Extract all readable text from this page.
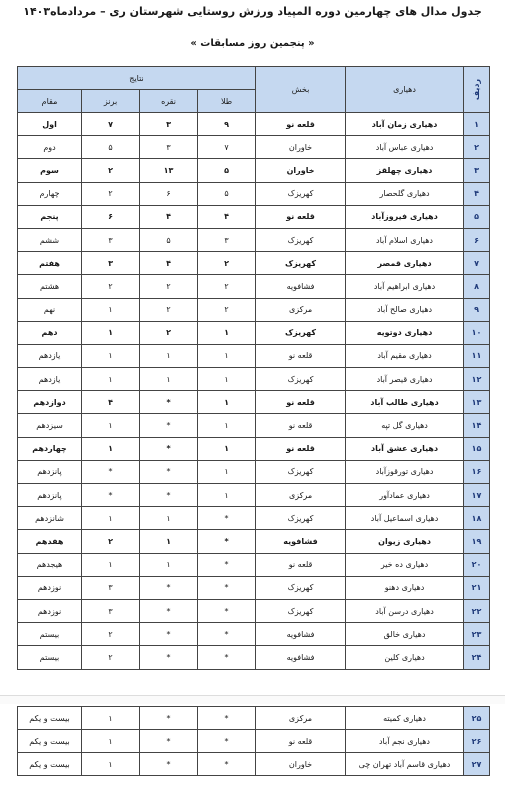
جدول مدال های چهارمین دوره المپیاد ورزش روستایی شهرستان ری – مردادماه۱۴۰۳
« پنجمین روز مسابقات »
ردیف	دهیاری	بخش	نتایج			
			طلا	نقره	برنز	مقام
۱	دهیاری زمان آباد	قلعه نو	۹	۳	۷	اول
۲	دهیاری عباس آباد	خاوران	۷	۳	۵	دوم
۳	دهیاری چهلقز	خاوران	۵	۱۳	۲	سوم
۴	دهیاری گلحصار	کهریزک	۵	۶	۲	چهارم
۵	دهیاری فیروزآباد	قلعه نو	۴	۴	۶	پنجم
۶	دهیاری اسلام آباد	کهریزک	۳	۵	۳	ششم
۷	دهیاری قمصر	کهریزک	۲	۴	۳	هفتم
۸	دهیاری ابراهیم آباد	فشافویه	۲	۲	۲	هشتم
۹	دهیاری صالح آباد	مرکزی	۲	۲	۱	نهم
۱۰	دهیاری دوتویه	کهریزک	۱	۲	۱	دهم
۱۱	دهیاری مقیم آباد	قلعه نو	۱	۱	۱	یازدهم
۱۲	دهیاری قیصر آباد	کهریزک	۱	۱	۱	یازدهم
۱۳	دهیاری طالب آباد	قلعه نو	۱	*	۴	دوازدهم
۱۴	دهیاری گل تپه	قلعه نو	۱	*	۱	سیزدهم
۱۵	دهیاری عشق آباد	قلعه نو	۱	*	۱	چهاردهم
۱۶	دهیاری تورقوزآباد	کهریزک	۱	*	*	پانزدهم
۱۷	دهیاری عمادآور	مرکزی	۱	*	*	پانزدهم
۱۸	دهیاری اسماعیل آباد	کهریزک	*	۱	۱	شانزدهم
۱۹	دهیاری زیوان	فشافویه	*	۱	۲	هفدهم
۲۰	دهیاری ده خیر	قلعه نو	*	۱	۱	هیجدهم
۲۱	دهیاری دهنو	کهریزک	*	*	۳	نوزدهم
۲۲	دهیاری درسن آباد	کهریزک	*	*	۳	نوزدهم
۲۳	دهیاری خالق	فشافویه	*	*	۲	بیستم
۲۴	دهیاری کلین	فشافویه	*	*	۲	بیستم
۲۵	دهیاری کمیته	مرکزی	*	*	۱	بیست و یکم
۲۶	دهیاری نجم آباد	قلعه نو	*	*	۱	بیست و یکم
۲۷	دهیاری قاسم آباد تهران چی	خاوران	*	*	۱	بیست و یکم
